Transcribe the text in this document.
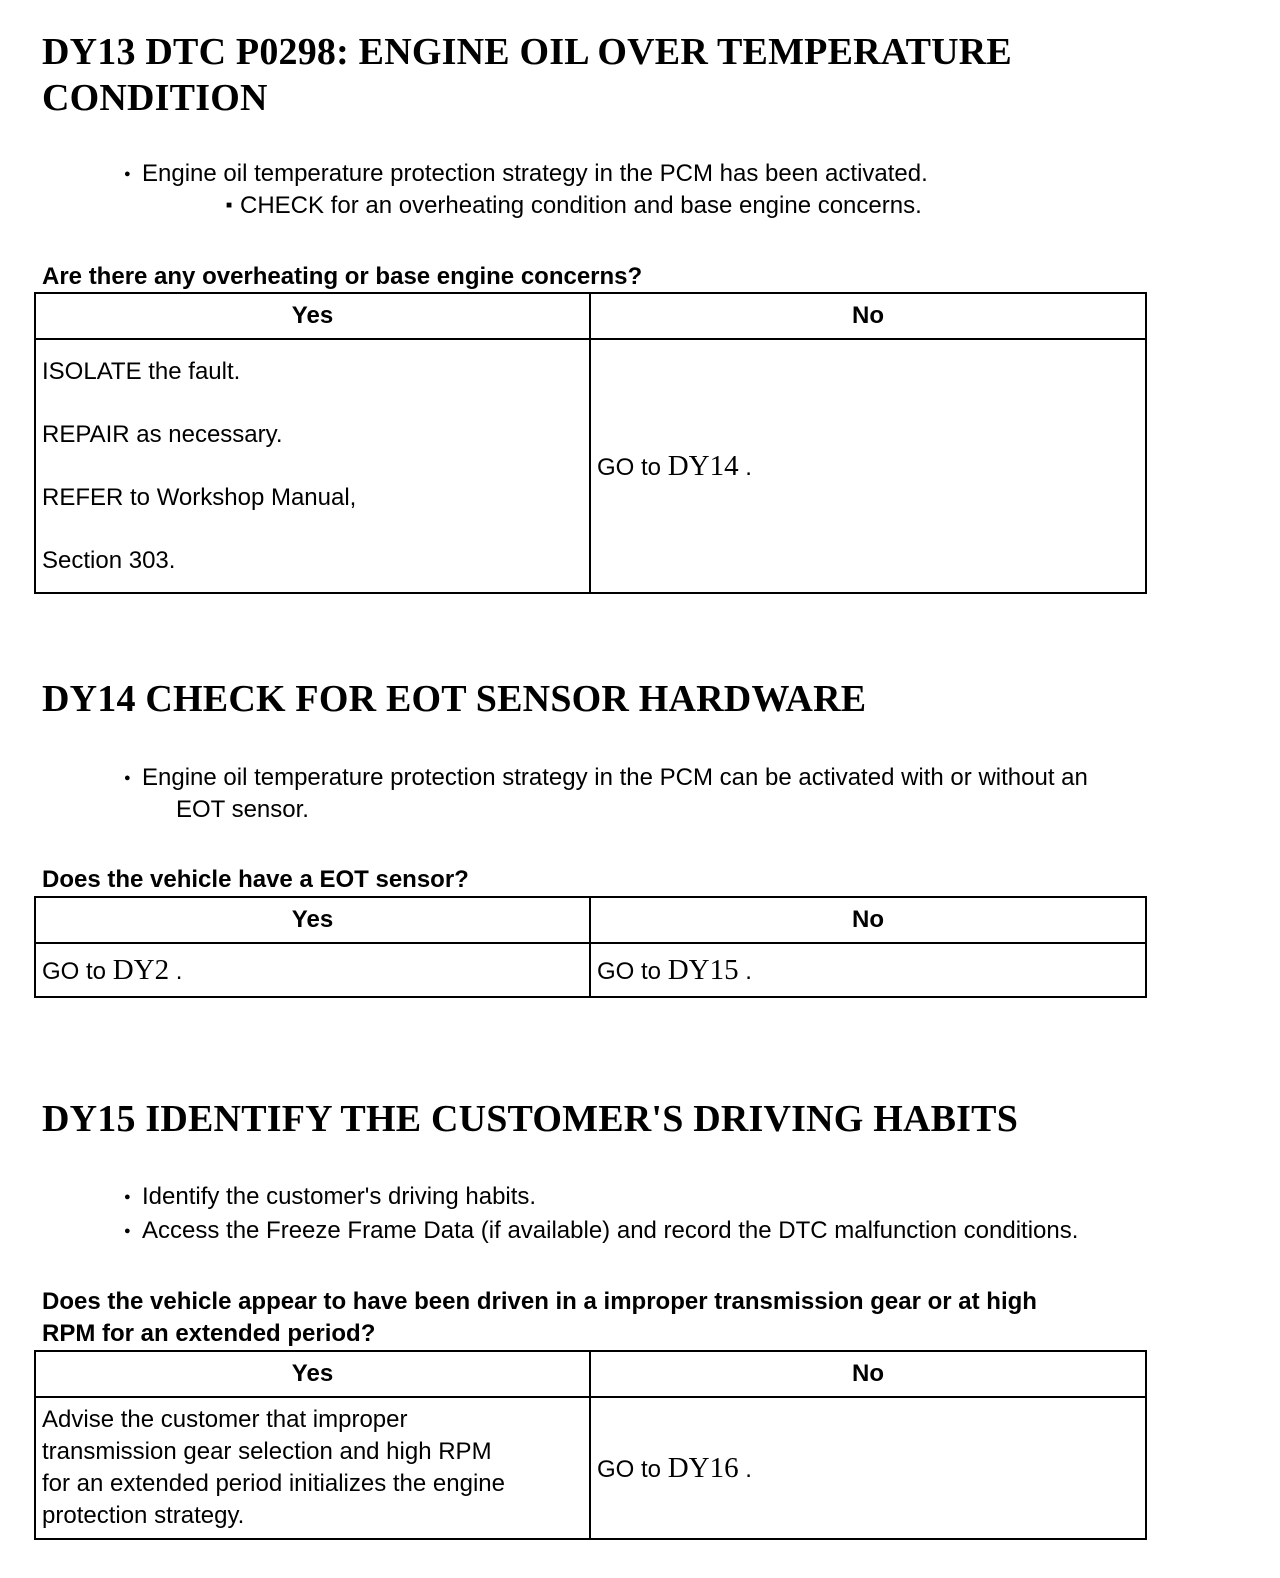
DY13 DTC P0298: ENGINE OIL OVER TEMPERATURE
CONDITION
● Engine oil temperature protection strategy in the PCM has been activated.
■ CHECK for an overheating condition and base engine concerns.

Are there any overheating or base engine concerns?

Yes	No

ISOLATE the fault.

REPAIR as necessary.

REFER to Workshop Manual,

Section 303.	GO to DY14 .
DY14 CHECK FOR EOT SENSOR HARDWARE
● Engine oil temperature protection strategy in the PCM can be activated with or without an
EOT sensor.

Does the vehicle have a EOT sensor?

Yes	No
GO to DY2 .	GO to DY15 .
DY15 IDENTIFY THE CUSTOMER'S DRIVING HABITS
● Identify the customer's driving habits.
● Access the Freeze Frame Data (if available) and record the DTC malfunction conditions.

Does the vehicle appear to have been driven in a improper transmission gear or at high
RPM for an extended period?

Yes	No
Advise the customer that improper
transmission gear selection and high RPM
for an extended period initializes the engine
protection strategy.	GO to DY16 .
